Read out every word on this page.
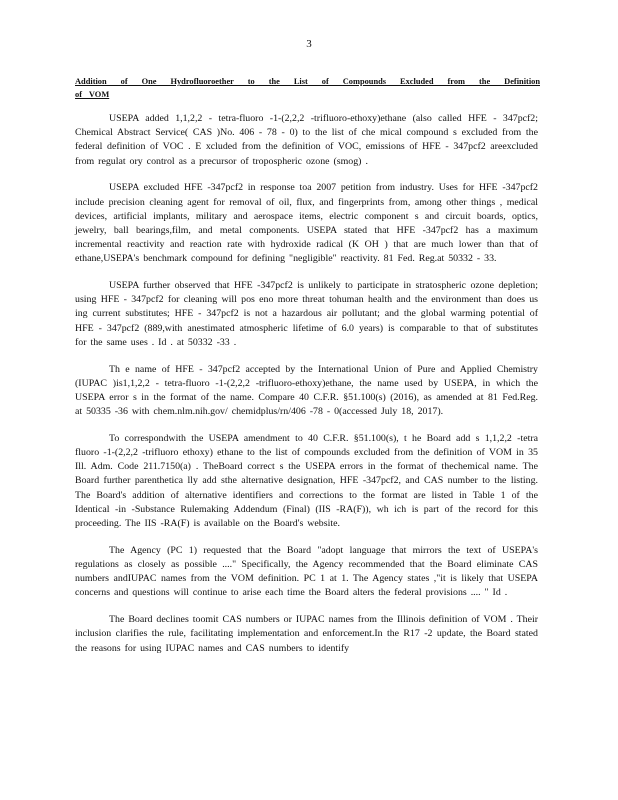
3
Addition of One Hydrofluoroether to the List of Compounds Excluded from the Definition
of VOM

USEPA added 1,1,2,2 - tetra-fluoro -1-(2,2,2 -trifluoro-ethoxy)ethane (also called HFE - 347pcf2; Chemical Abstract Service( CAS )No. 406 - 78 - 0) to the list of che mical compound s excluded from the federal definition of VOC . E xcluded from the definition of VOC, emissions of HFE - 347pcf2 areexcluded from regulat ory control as a precursor of tropospheric ozone (smog) .

USEPA excluded HFE -347pcf2 in response toa 2007 petition from industry. Uses for HFE -347pcf2 include precision cleaning agent for removal of oil, flux, and fingerprints from, among other things , medical devices, artificial implants, military and aerospace items, electric component s and circuit boards, optics, jewelry, ball bearings,film, and metal components. USEPA stated that HFE -347pcf2 has a maximum incremental reactivity and reaction rate with hydroxide radical (K OH ) that are much lower than that of ethane,USEPA's benchmark compound for defining "negligible" reactivity. 81 Fed. Reg.at 50332 - 33.

USEPA further observed that HFE -347pcf2 is unlikely to participate in stratospheric ozone depletion; using HFE - 347pcf2 for cleaning will pos eno more threat tohuman health and the environment than does us ing current substitutes; HFE - 347pcf2 is not a hazardous air pollutant; and the global warming potential of HFE - 347pcf2 (889,with anestimated atmospheric lifetime of 6.0 years) is comparable to that of substitutes for the same uses . Id . at 50332 -33 .

Th e name of HFE - 347pcf2 accepted by the International Union of Pure and Applied Chemistry (IUPAC )is1,1,2,2 - tetra-fluoro -1-(2,2,2 -trifluoro-ethoxy)ethane, the name used by USEPA, in which the USEPA error s in the format of the name. Compare 40 C.F.R. §51.100(s) (2016), as amended at 81 Fed.Reg. at 50335 -36 with chem.nlm.nih.gov/ chemidplus/rn/406 -78 - 0(accessed July 18, 2017).

To correspondwith the USEPA amendment to 40 C.F.R. §51.100(s), t he Board add s 1,1,2,2 -tetra fluoro -1-(2,2,2 -trifluoro ethoxy) ethane to the list of compounds excluded from the definition of VOM in 35 Ill. Adm. Code 211.7150(a) . TheBoard correct s the USEPA errors in the format of thechemical name. The Board further parenthetica lly add sthe alternative designation, HFE -347pcf2, and CAS number to the listing. The Board's addition of alternative identifiers and corrections to the format are listed in Table 1 of the Identical -in -Substance Rulemaking Addendum (Final) (IIS -RA(F)), wh ich is part of the record for this proceeding. The IIS -RA(F) is available on the Board's website.

The Agency (PC 1) requested that the Board "adopt language that mirrors the text of USEPA's regulations as closely as possible ...." Specifically, the Agency recommended that the Board eliminate CAS numbers andIUPAC names from the VOM definition. PC 1 at 1. The Agency states ,"it is likely that USEPA concerns and questions will continue to arise each time the Board alters the federal provisions .... " Id .

The Board declines toomit CAS numbers or IUPAC names from the Illinois definition of VOM . Their inclusion clarifies the rule, facilitating implementation and enforcement.In the R17 -2 update, the Board stated the reasons for using IUPAC names and CAS numbers to identify
